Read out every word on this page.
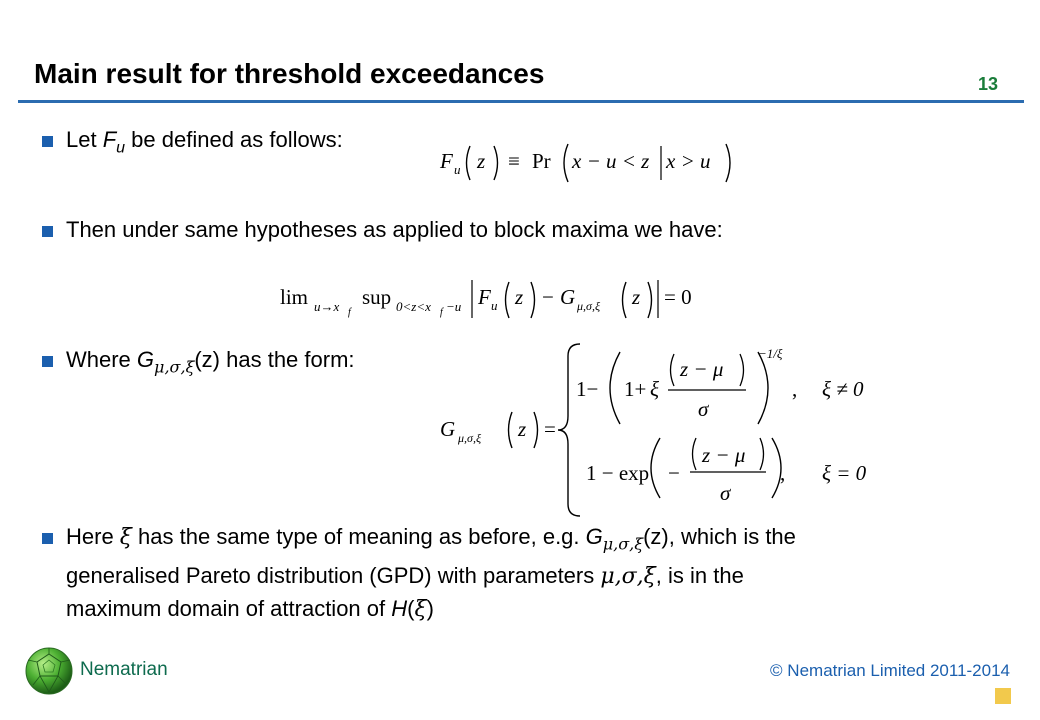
Main result for threshold exceedances	13
Let $F_u$ be defined as follows:
F u z ≡ Pr x − u < z x > u
Then under same hypotheses as applied to block maxima we have:
lim u→x f
sup 0<z<x f −u F u z − G μ,σ,ξ z = 0
Where $G_{\mu,\sigma,\xi}(z)$ has the form:
G μ,σ,ξ z =
1− 1+ ξ
z − μ
σ
−1/ξ
, ξ ≠ 0
1 − exp −
z − μ
σ
, ξ = 0
Here ξ has the same type of meaning as before, e.g. $G_{\mu,\sigma,\xi}(z)$, which is the
generalised Pareto distribution (GPD) with parameters μ,σ,ξ, is in the
maximum domain of attraction of H(ξ)
Nematrian	© Nematrian Limited 2011-2014
